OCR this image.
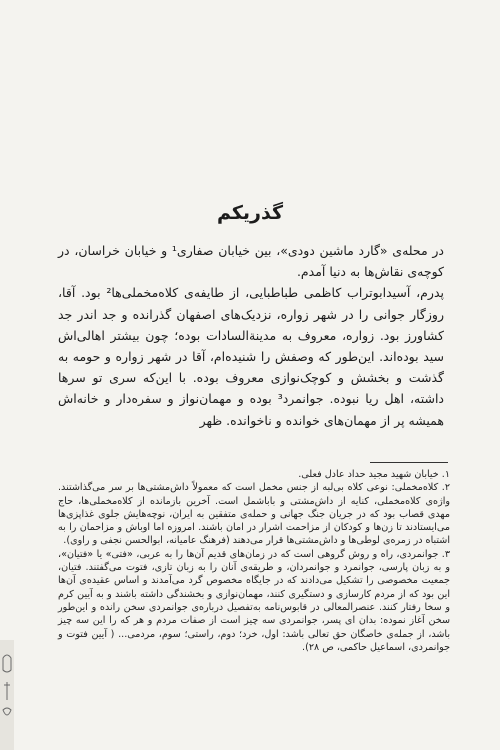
گذریکم

در محله‌ی «گارد ماشین دودی»، بین خیابان صفاری¹ و خیابان خراسان، در کوچه‌ی نقاش‌ها به دنیا آمدم.

پدرم، آسیدابوتراب کاظمی طباطبایی، از طایفه‌ی کلاه‌مخملی‌ها² بود. آقا، روزگار جوانی را در شهر زواره، نزدیک‌های اصفهان گذرانده و جد اندر جد کشاورز بود. زواره، معروف به مدینةالسادات بوده؛ چون بیشتر اهالی‌اش سید بوده‌اند. این‌طور که وصفش را شنیده‌ام، آقا در شهر زواره و حومه به گذشت و بخشش و کوچک‌نوازی معروف بوده. با این‌که سری تو سرها داشته، اهل ریا نبوده. جوانمرد³ بوده و مهمان‌نواز و سفره‌دار و خانه‌اش همیشه پر از مهمان‌های خوانده و ناخوانده. ظهر

۱. خیابان شهید مجید حداد عادل فعلی.

۲. کلاه‌مخملی: نوعی کلاه بی‌لبه از جنس مخمل است که معمولاً داش‌مشتی‌ها بر سر می‌گذاشتند. واژه‌ی کلاه‌مخملی، کنایه از داش‌مشتی و باباشمل است. آخرین بازمانده از کلاه‌مخملی‌ها، حاج مهدی قصاب بود که در جریان جنگ جهانی و حمله‌ی متفقین به ایران، نوچه‌هایش جلوی غذاپزی‌ها می‌ایستادند تا زن‌ها و کودکان از مزاحمت اشرار در امان باشند. امروزه اما اوباش و مزاحمان را به اشتباه در زمره‌ی لوطی‌ها و داش‌مشتی‌ها قرار می‌دهند (فرهنگ عامیانه، ابوالحسن نجفی و راوی).

۳. جوانمردی، راه و روش گروهی است که در زمان‌های قدیم آن‌ها را به عربی، «فتی» یا «فتیان»، و به زبان پارسی، جوانمرد و جوانمردان، و طریقه‌ی آنان را به زبان تازی، فتوت می‌گفتند. فتیان، جمعیت مخصوصی را تشکیل می‌دادند که در جایگاه مخصوص گرد می‌آمدند و اساس عقیده‌ی آن‌ها این بود که از مردم کارسازی و دستگیری کنند، مهمان‌نوازی و بخشندگی داشته باشند و به آیین کرم و سخا رفتار کنند. عنصرالمعالی در قابوس‌نامه به‌تفصیل درباره‌ی جوانمردی سخن رانده و این‌طور سخن آغاز نموده: بدان ای پسر، جوانمردی سه چیز است از صفات مردم و هر که را این سه چیز باشد، از جمله‌ی خاصگان حق تعالی باشد: اول، خرد؛ دوم، راستی؛ سوم، مردمی... ( آیین فتوت و جوانمردی، اسماعیل حاکمی، ص ۲۸).
